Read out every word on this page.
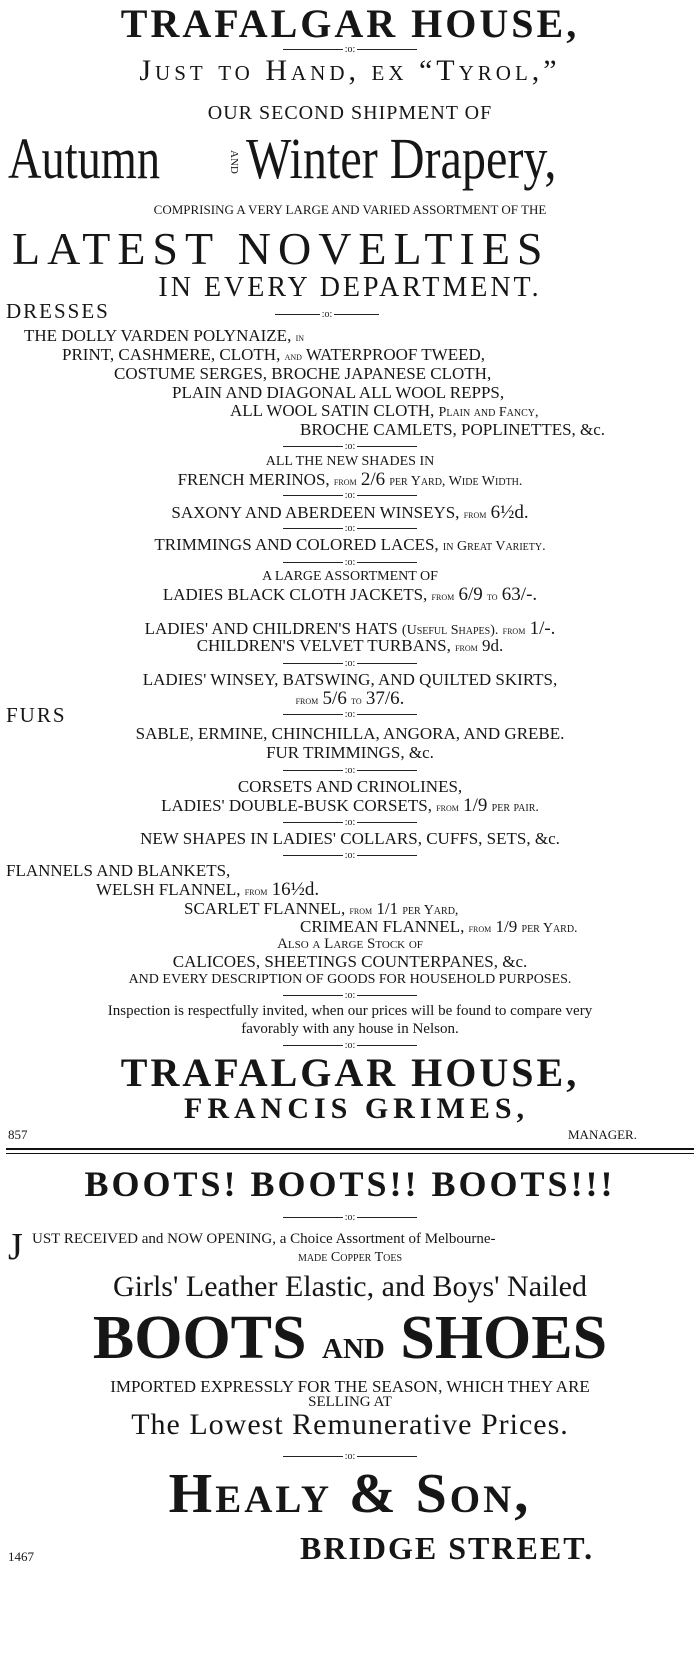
TRAFALGAR HOUSE,
:o:
Just to Hand, ex “Tyrol,”
OUR SECOND SHIPMENT OF
Autumn	AND Winter Drapery,
COMPRISING A VERY LARGE AND VARIED ASSORTMENT OF THE
LATEST NOVELTIES
IN EVERY DEPARTMENT.
DRESSES	:o:
THE DOLLY VARDEN POLYNAIZE, in
PRINT, CASHMERE, CLOTH, and WATERPROOF TWEED,
COSTUME SERGES, BROCHE JAPANESE CLOTH,
PLAIN AND DIAGONAL ALL WOOL REPPS,
ALL WOOL SATIN CLOTH, Plain and Fancy,
BROCHE CAMLETS, POPLINETTES, &c.
:o:
ALL THE NEW SHADES IN
FRENCH MERINOS, from 2/6 per Yard, Wide Width.
:o:
SAXONY AND ABERDEEN WINSEYS, from 6½d.
:o:
TRIMMINGS AND COLORED LACES, in Great Variety.
:o:
A LARGE ASSORTMENT OF
LADIES BLACK CLOTH JACKETS, from 6/9 to 63/-.
LADIES' AND CHILDREN'S HATS (Useful Shapes). from 1/-.
CHILDREN'S VELVET TURBANS, from 9d.
:o:
LADIES' WINSEY, BATSWING, AND QUILTED SKIRTS,
from 5/6 to 37/6.
FURS	:o:
SABLE, ERMINE, CHINCHILLA, ANGORA, AND GREBE.
FUR TRIMMINGS, &c.
:o:
CORSETS AND CRINOLINES,
LADIES' DOUBLE-BUSK CORSETS, from 1/9 per pair.
:o:
NEW SHAPES IN LADIES' COLLARS, CUFFS, SETS, &c.
:o:
FLANNELS AND BLANKETS,
WELSH FLANNEL, from 16½d.
SCARLET FLANNEL, from 1/1 per Yard,
CRIMEAN FLANNEL, from 1/9 per Yard.
Also a Large Stock of
CALICOES, SHEETINGS COUNTERPANES, &c.
AND EVERY DESCRIPTION OF GOODS FOR HOUSEHOLD PURPOSES.
:o:
Inspection is respectfully invited, when our prices will be found to compare very
favorably with any house in Nelson.
:o:
TRAFALGAR HOUSE,
FRANCIS GRIMES,
857	MANAGER.
BOOTS! BOOTS!! BOOTS!!!
:o:
J UST RECEIVED and NOW OPENING, a Choice Assortment of Melbourne-
made Copper Toes
Girls' Leather Elastic, and Boys' Nailed
BOOTS and SHOES
IMPORTED EXPRESSLY FOR THE SEASON, WHICH THEY ARE
SELLING AT
The Lowest Remunerative Prices.
:o:
Healy & Son,
BRIDGE STREET.
1467
